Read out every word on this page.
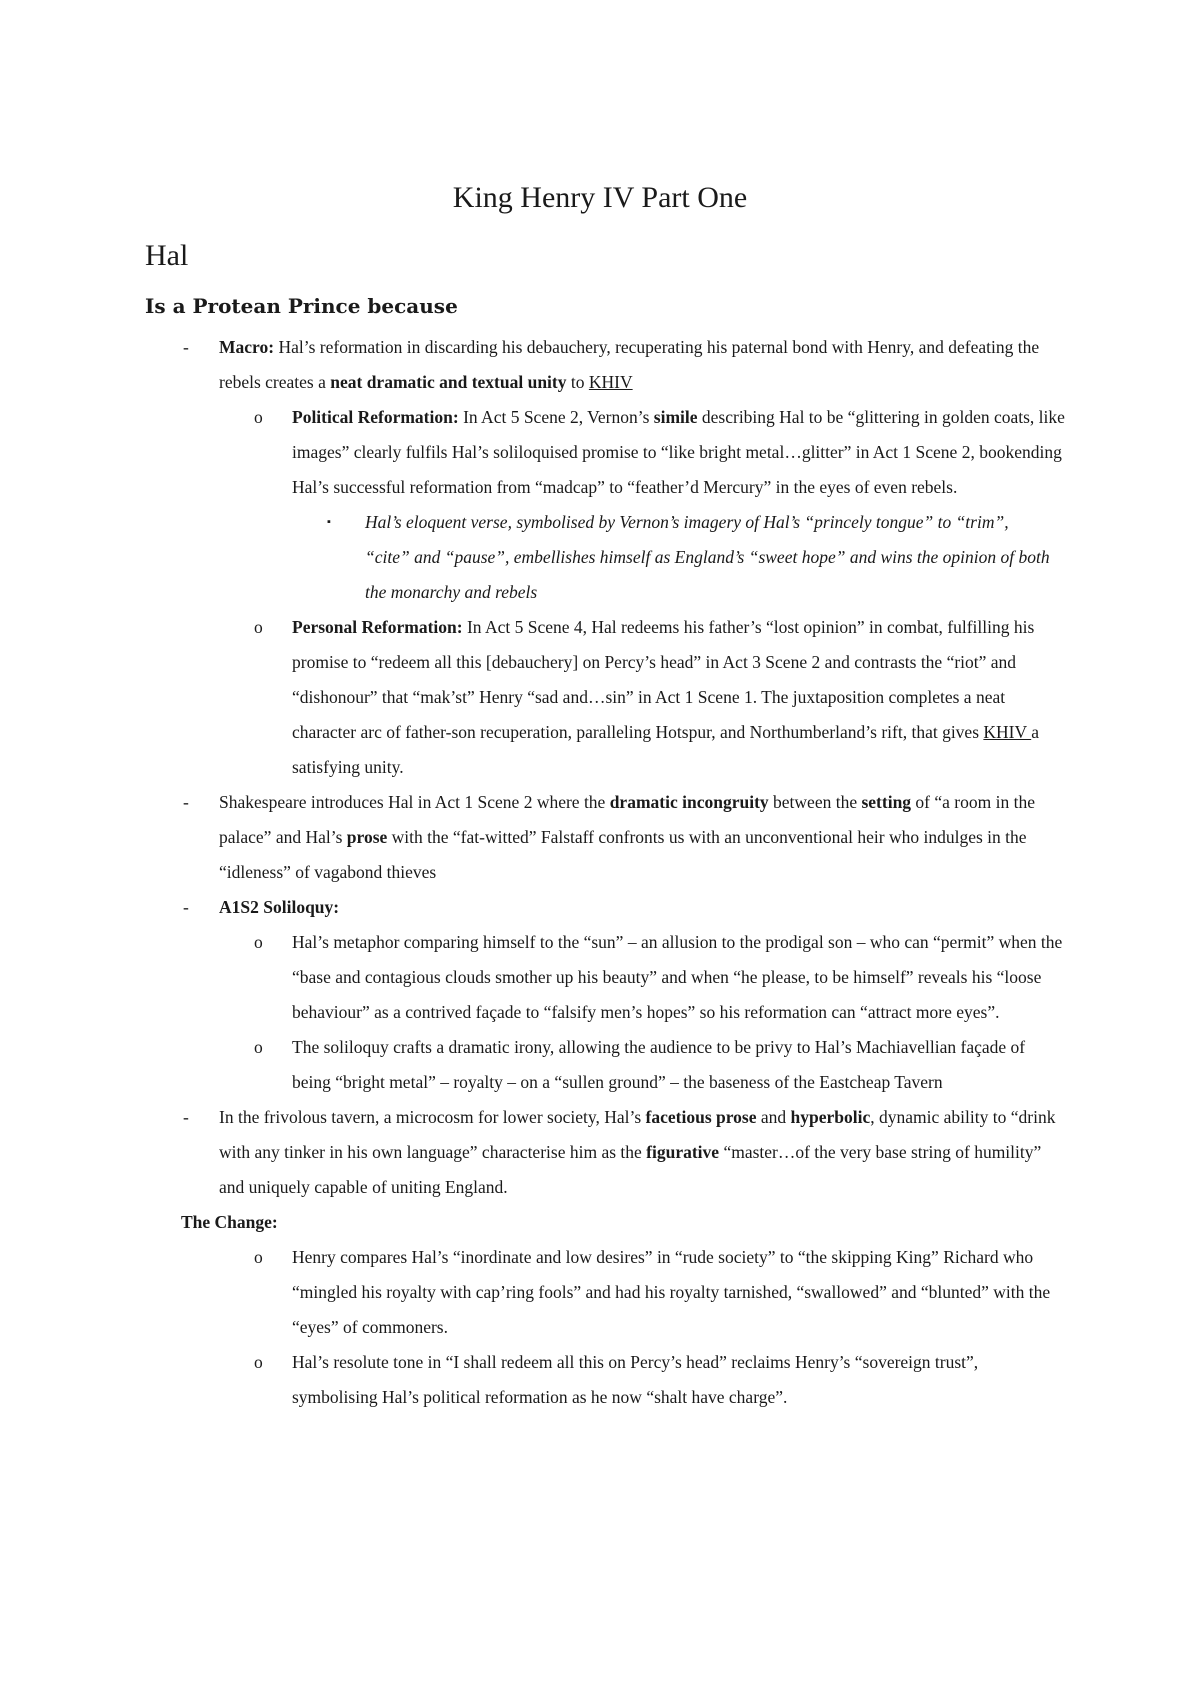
King Henry IV Part One
Hal
Is a Protean Prince because
- Macro: Hal’s reformation in discarding his debauchery, recuperating his paternal bond with Henry, and defeating the rebels creates a neat dramatic and textual unity to KHIV
o Political Reformation: In Act 5 Scene 2, Vernon’s simile describing Hal to be “glittering in golden coats, like images” clearly fulfils Hal’s soliloquised promise to “like bright metal…glitter” in Act 1 Scene 2, bookending Hal’s successful reformation from “madcap” to “feather’d Mercury” in the eyes of even rebels.
▪ Hal’s eloquent verse, symbolised by Vernon’s imagery of Hal’s “princely tongue” to “trim”, “cite” and “pause”, embellishes himself as England’s “sweet hope” and wins the opinion of both the monarchy and rebels
o Personal Reformation: In Act 5 Scene 4, Hal redeems his father’s “lost opinion” in combat, fulfilling his promise to “redeem all this [debauchery] on Percy’s head” in Act 3 Scene 2 and contrasts the “riot” and “dishonour” that “mak’st” Henry “sad and…sin” in Act 1 Scene 1. The juxtaposition completes a neat character arc of father-son recuperation, paralleling Hotspur, and Northumberland’s rift, that gives KHIV a satisfying unity.
- Shakespeare introduces Hal in Act 1 Scene 2 where the dramatic incongruity between the setting of “a room in the palace” and Hal’s prose with the “fat-witted” Falstaff confronts us with an unconventional heir who indulges in the “idleness” of vagabond thieves
- A1S2 Soliloquy:
o Hal’s metaphor comparing himself to the “sun” – an allusion to the prodigal son – who can “permit” when the “base and contagious clouds smother up his beauty” and when “he please, to be himself” reveals his “loose behaviour” as a contrived façade to “falsify men’s hopes” so his reformation can “attract more eyes”.
o The soliloquy crafts a dramatic irony, allowing the audience to be privy to Hal’s Machiavellian façade of being “bright metal” – royalty – on a “sullen ground” – the baseness of the Eastcheap Tavern
- In the frivolous tavern, a microcosm for lower society, Hal’s facetious prose and hyperbolic, dynamic ability to “drink with any tinker in his own language” characterise him as the figurative “master…of the very base string of humility” and uniquely capable of uniting England.
The Change:
o Henry compares Hal’s “inordinate and low desires” in “rude society” to “the skipping King” Richard who “mingled his royalty with cap’ring fools” and had his royalty tarnished, “swallowed” and “blunted” with the “eyes” of commoners.
o Hal’s resolute tone in “I shall redeem all this on Percy’s head” reclaims Henry’s “sovereign trust”, symbolising Hal’s political reformation as he now “shalt have charge”.
